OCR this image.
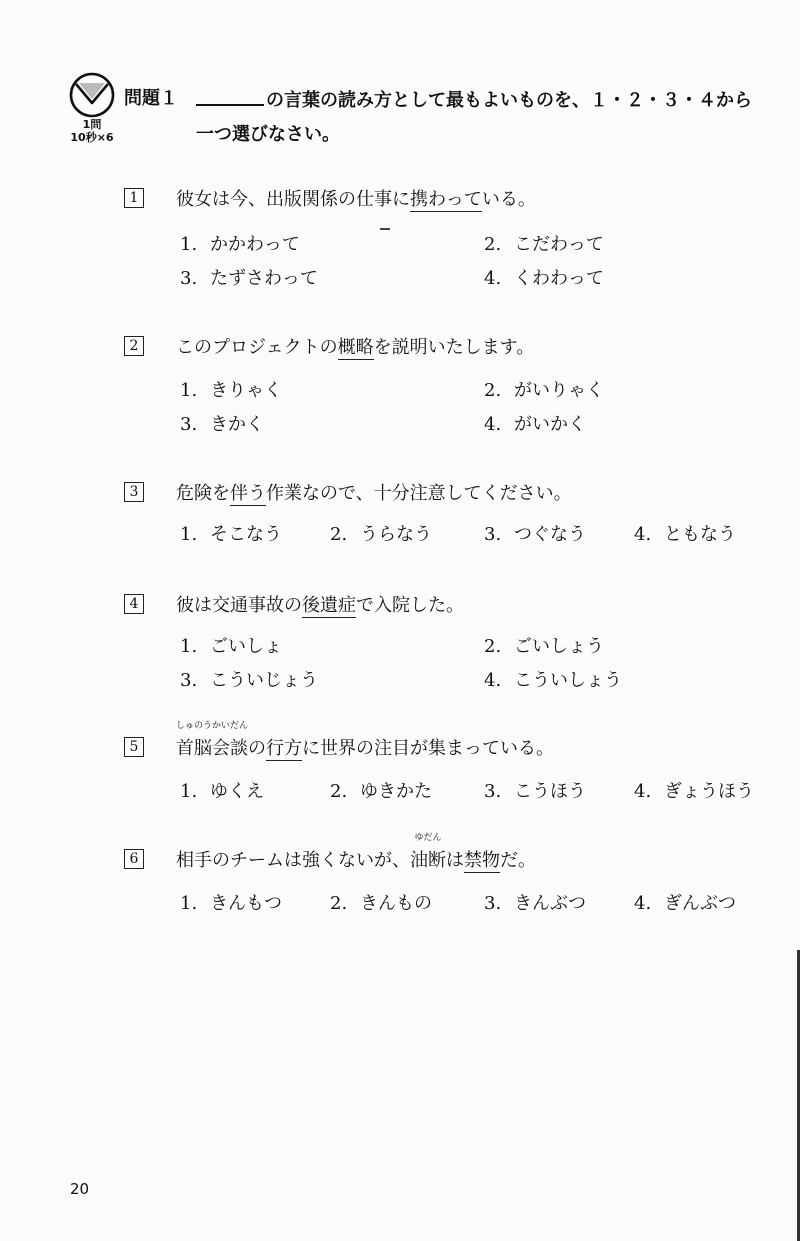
1問
10秒×6
問題１	の言葉の読み方として最もよいものを、１・２・３・４から
一つ選びなさい。
1	彼女は今、出版関係の仕事に携わっている。
1. かかわって	2. こだわって
3. たずさわって	4. くわわって
2	このプロジェクトの概略を説明いたします。
1. きりゃく	2. がいりゃく
3. きかく	4. がいかく
3	危険を伴う作業なので、十分注意してください。
1. そこなう	2. うらなう	3. つぐなう	4. ともなう
4	彼は交通事故の後遺症で入院した。
1. ごいしょ	2. ごいしょう
3. こういじょう	4. こういしょう
5
しゅのうかいだん
首脳会談の行方に世界の注目が集まっている。
1. ゆくえ	2. ゆきかた	3. こうほう	4. ぎょうほう
6	相手のチームは強くないが、
ゆだん
油断は禁物だ。
1. きんもつ	2. きんもの	3. きんぶつ	4. ぎんぶつ
20
